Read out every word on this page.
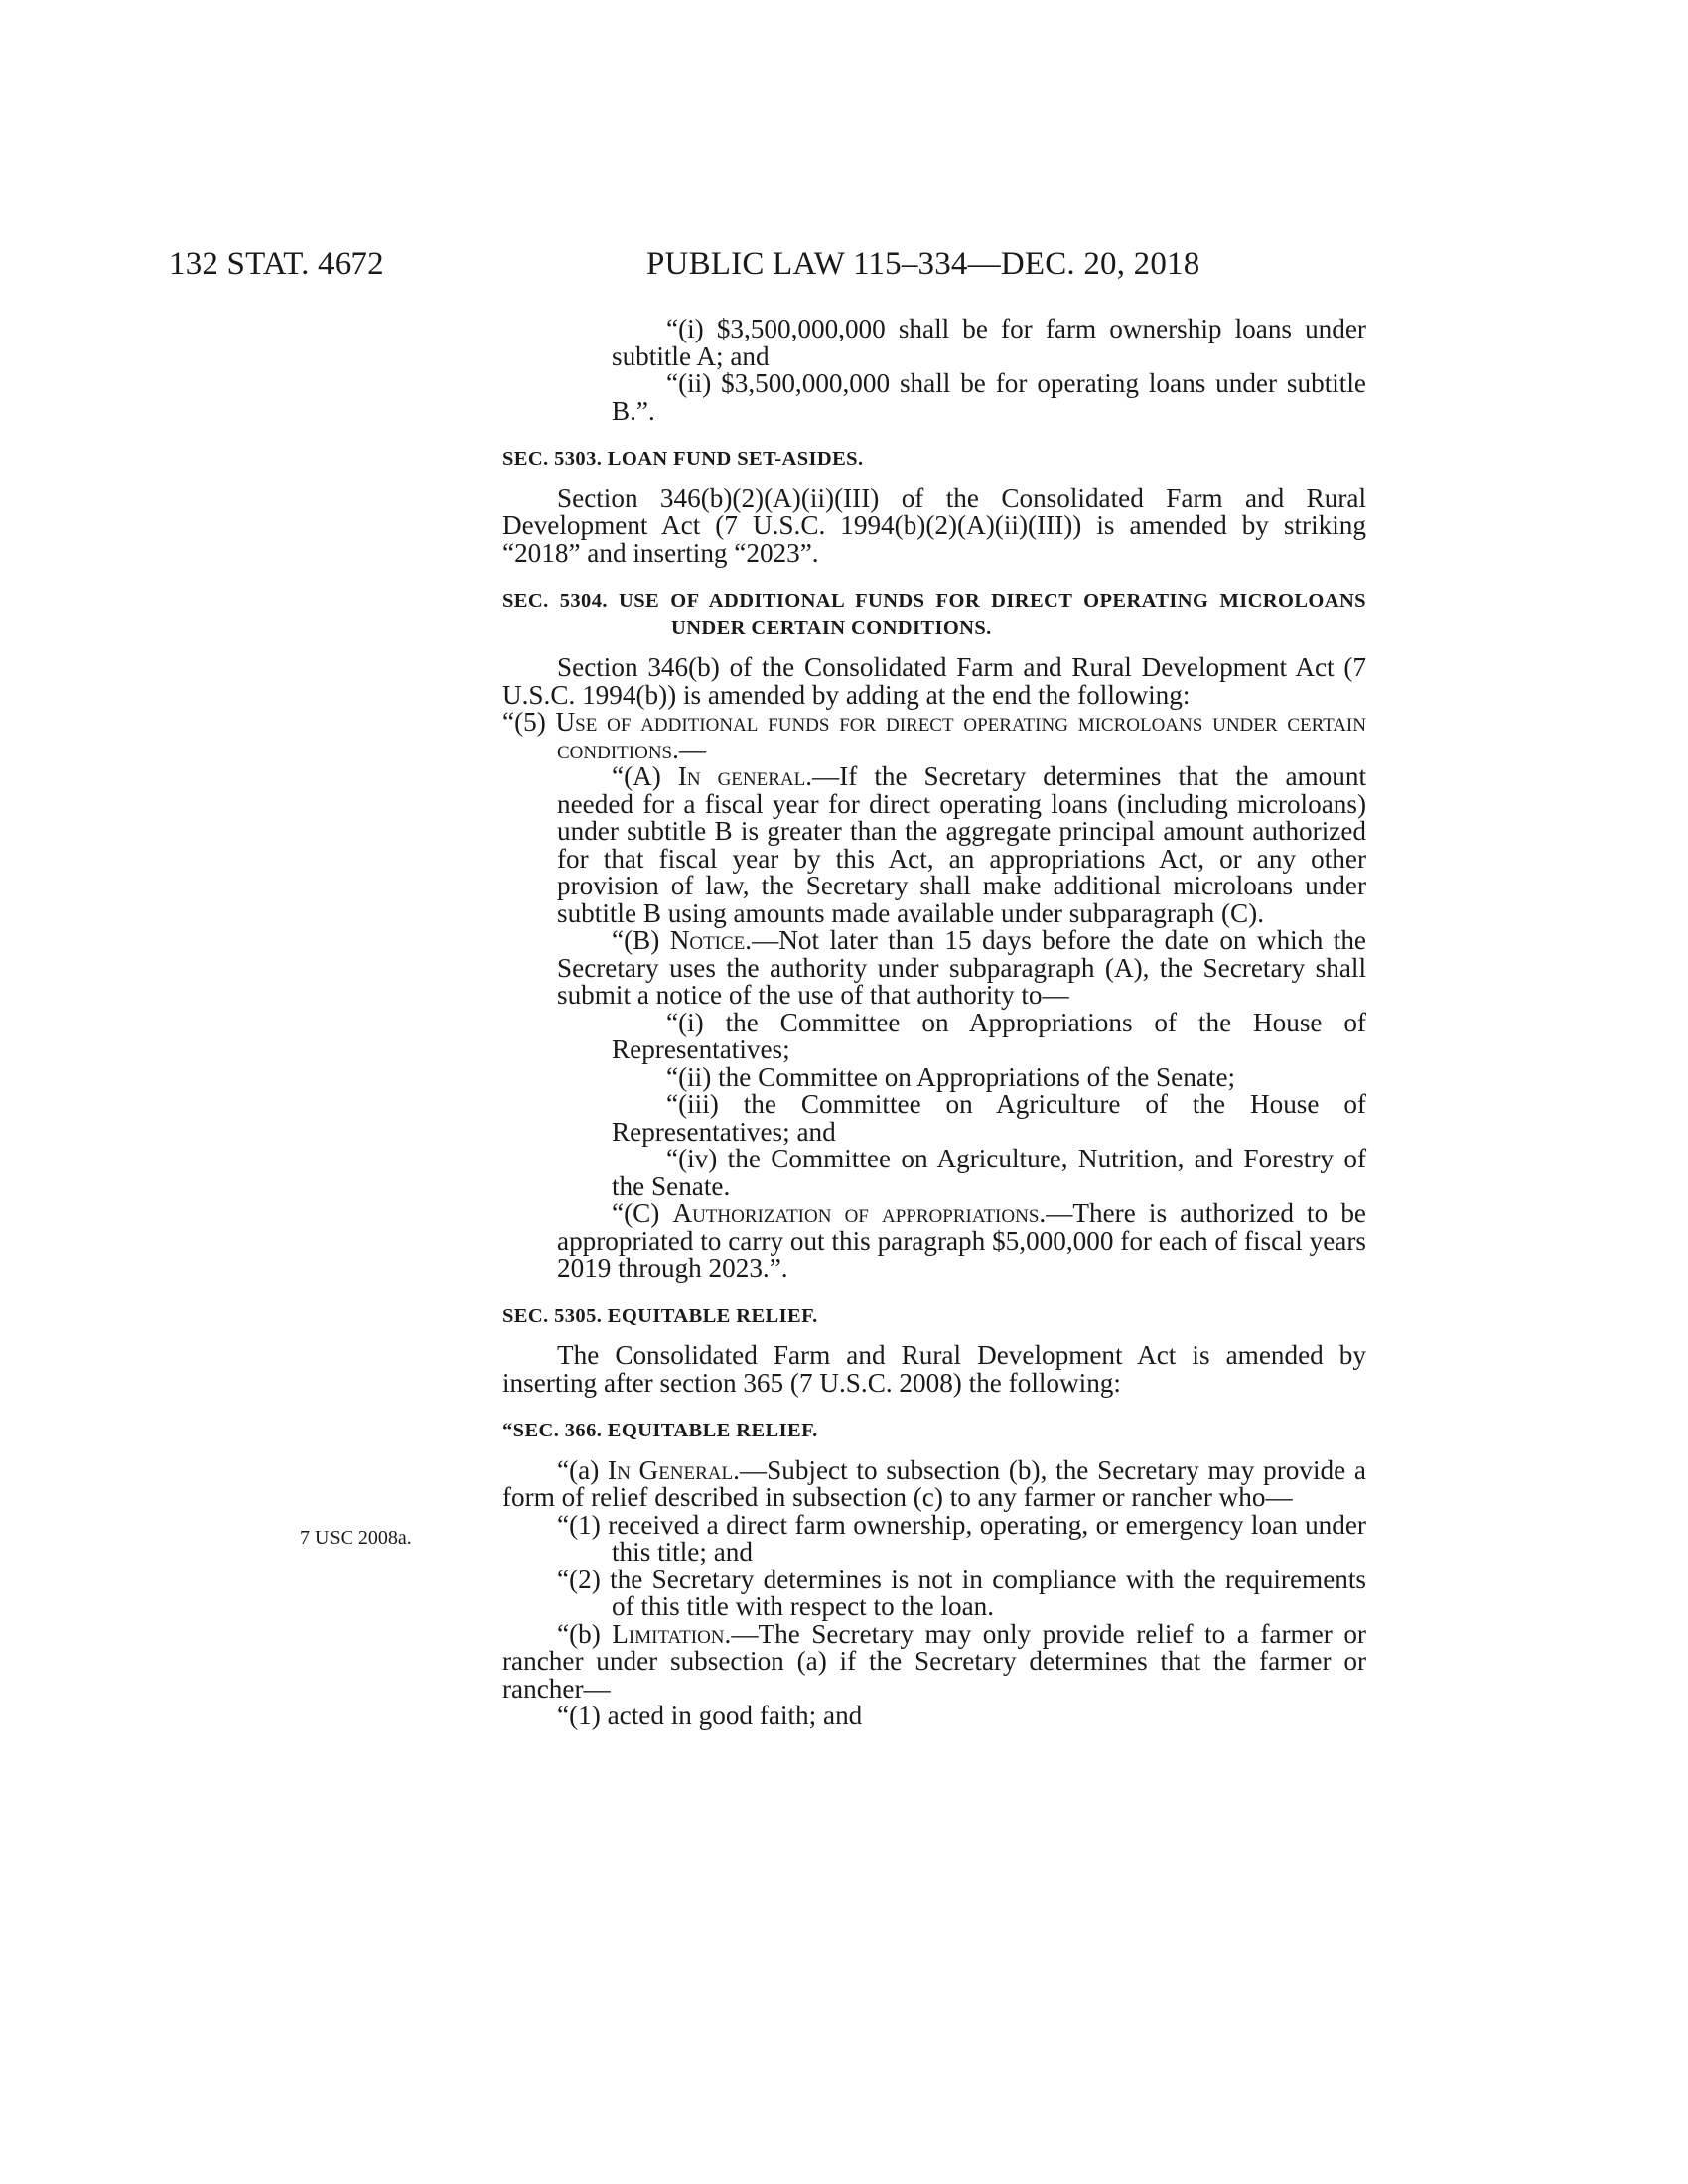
132 STAT. 4672	PUBLIC LAW 115–334—DEC. 20, 2018
7 USC 2008a.

“(i) $3,500,000,000 shall be for farm ownership loans under subtitle A; and

“(ii) $3,500,000,000 shall be for operating loans under subtitle B.”.

SEC. 5303. LOAN FUND SET-ASIDES.

Section 346(b)(2)(A)(ii)(III) of the Consolidated Farm and Rural Development Act (7 U.S.C. 1994(b)(2)(A)(ii)(III)) is amended by striking “2018” and inserting “2023”.

SEC. 5304. USE OF ADDITIONAL FUNDS FOR DIRECT OPERATING MICROLOANS UNDER CERTAIN CONDITIONS.

Section 346(b) of the Consolidated Farm and Rural Development Act (7 U.S.C. 1994(b)) is amended by adding at the end the following:

“(5) Use of additional funds for direct operating microloans under certain conditions.—

“(A) In general.—If the Secretary determines that the amount needed for a fiscal year for direct operating loans (including microloans) under subtitle B is greater than the aggregate principal amount authorized for that fiscal year by this Act, an appropriations Act, or any other provision of law, the Secretary shall make additional microloans under subtitle B using amounts made available under subparagraph (C).

“(B) Notice.—Not later than 15 days before the date on which the Secretary uses the authority under subparagraph (A), the Secretary shall submit a notice of the use of that authority to—

“(i) the Committee on Appropriations of the House of Representatives;

“(ii) the Committee on Appropriations of the Senate;

“(iii) the Committee on Agriculture of the House of Representatives; and

“(iv) the Committee on Agriculture, Nutrition, and Forestry of the Senate.

“(C) Authorization of appropriations.—There is authorized to be appropriated to carry out this paragraph $5,000,000 for each of fiscal years 2019 through 2023.”.

SEC. 5305. EQUITABLE RELIEF.

The Consolidated Farm and Rural Development Act is amended by inserting after section 365 (7 U.S.C. 2008) the following:

“SEC. 366. EQUITABLE RELIEF.

“(a) In General.—Subject to subsection (b), the Secretary may provide a form of relief described in subsection (c) to any farmer or rancher who—

“(1) received a direct farm ownership, operating, or emergency loan under this title; and

“(2) the Secretary determines is not in compliance with the requirements of this title with respect to the loan.

“(b) Limitation.—The Secretary may only provide relief to a farmer or rancher under subsection (a) if the Secretary determines that the farmer or rancher—

“(1) acted in good faith; and
